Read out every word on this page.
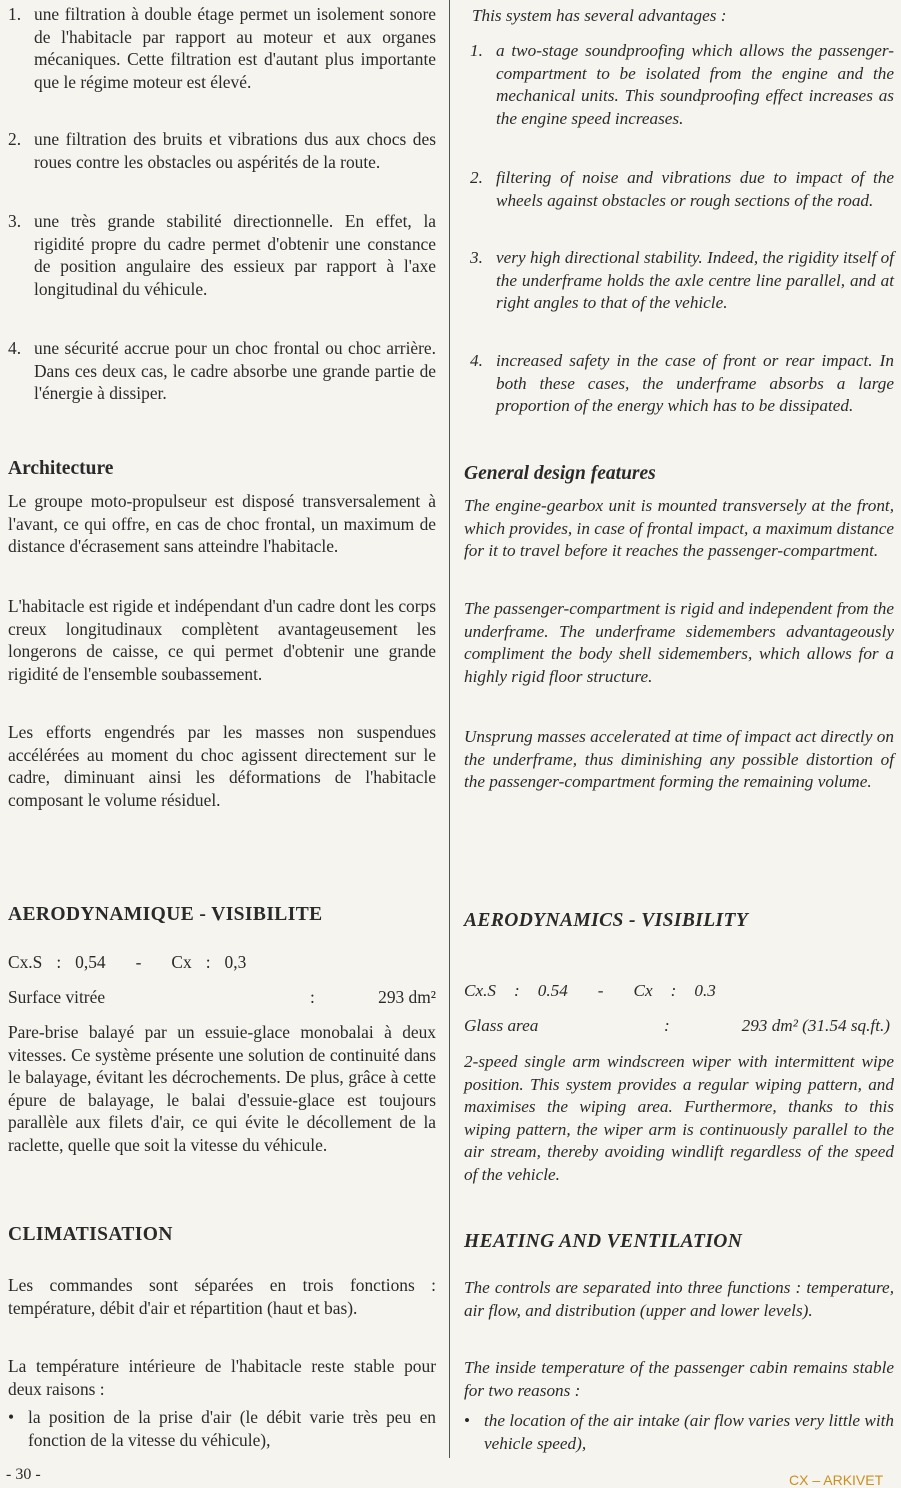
1. une filtration à double étage permet un isolement sonore de l'habitacle par rapport au moteur et aux organes mécaniques. Cette filtration est d'autant plus importante que le régime moteur est élevé.
2. une filtration des bruits et vibrations dus aux chocs des roues contre les obstacles ou aspérités de la route.
3. une très grande stabilité directionnelle. En effet, la rigidité propre du cadre permet d'obtenir une constance de position angulaire des essieux par rapport à l'axe longitudinal du véhicule.
4. une sécurité accrue pour un choc frontal ou choc arrière. Dans ces deux cas, le cadre absorbe une grande partie de l'énergie à dissiper.
Architecture

Le groupe moto-propulseur est disposé transversalement à l'avant, ce qui offre, en cas de choc frontal, un maximum de distance d'écrasement sans atteindre l'habitacle.

L'habitacle est rigide et indépendant d'un cadre dont les corps creux longitudinaux complètent avantageusement les longerons de caisse, ce qui permet d'obtenir une grande rigidité de l'ensemble soubassement.

Les efforts engendrés par les masses non suspendues accélérées au moment du choc agissent directement sur le cadre, diminuant ainsi les déformations de l'habitacle composant le volume résiduel.

AERODYNAMIQUE - VISIBILITE
Cx.S : 0,54 - Cx : 0,3
Surface vitrée	:	293 dm²

Pare-brise balayé par un essuie-glace monobalai à deux vitesses. Ce système présente une solution de continuité dans le balayage, évitant les décrochements. De plus, grâce à cette épure de balayage, le balai d'essuie-glace est toujours parallèle aux filets d'air, ce qui évite le décollement de la raclette, quelle que soit la vitesse du véhicule.

CLIMATISATION

Les commandes sont séparées en trois fonctions : température, débit d'air et répartition (haut et bas).

La température intérieure de l'habitacle reste stable pour deux raisons :

• la position de la prise d'air (le débit varie très peu en fonction de la vitesse du véhicule),
This system has several advantages :
1. a two-stage soundproofing which allows the passenger-compartment to be isolated from the engine and the mechanical units. This soundproofing effect increases as the engine speed increases.
2. filtering of noise and vibrations due to impact of the wheels against obstacles or rough sections of the road.
3. very high directional stability. Indeed, the rigidity itself of the underframe holds the axle centre line parallel, and at right angles to that of the vehicle.
4. increased safety in the case of front or rear impact. In both these cases, the underframe absorbs a large proportion of the energy which has to be dissipated.
General design features

The engine-gearbox unit is mounted transversely at the front, which provides, in case of frontal impact, a maximum distance for it to travel before it reaches the passenger-compartment.

The passenger-compartment is rigid and independent from the underframe. The underframe sidemembers advantageously compliment the body shell sidemembers, which allows for a highly rigid floor structure.

Unsprung masses accelerated at time of impact act directly on the underframe, thus diminishing any possible distortion of the passenger-compartment forming the remaining volume.

AERODYNAMICS - VISIBILITY
Cx.S : 0.54 - Cx : 0.3
Glass area	:	293 dm² (31.54 sq.ft.)

2-speed single arm windscreen wiper with intermittent wipe position. This system provides a regular wiping pattern, and maximises the wiping area. Furthermore, thanks to this wiping pattern, the wiper arm is continuously parallel to the air stream, thereby avoiding windlift regardless of the speed of the vehicle.

HEATING AND VENTILATION

The controls are separated into three functions : temperature, air flow, and distribution (upper and lower levels).

The inside temperature of the passenger cabin remains stable for two reasons :

• the location of the air intake (air flow varies very little with vehicle speed),
- 30 -	CX – ARKIVET
